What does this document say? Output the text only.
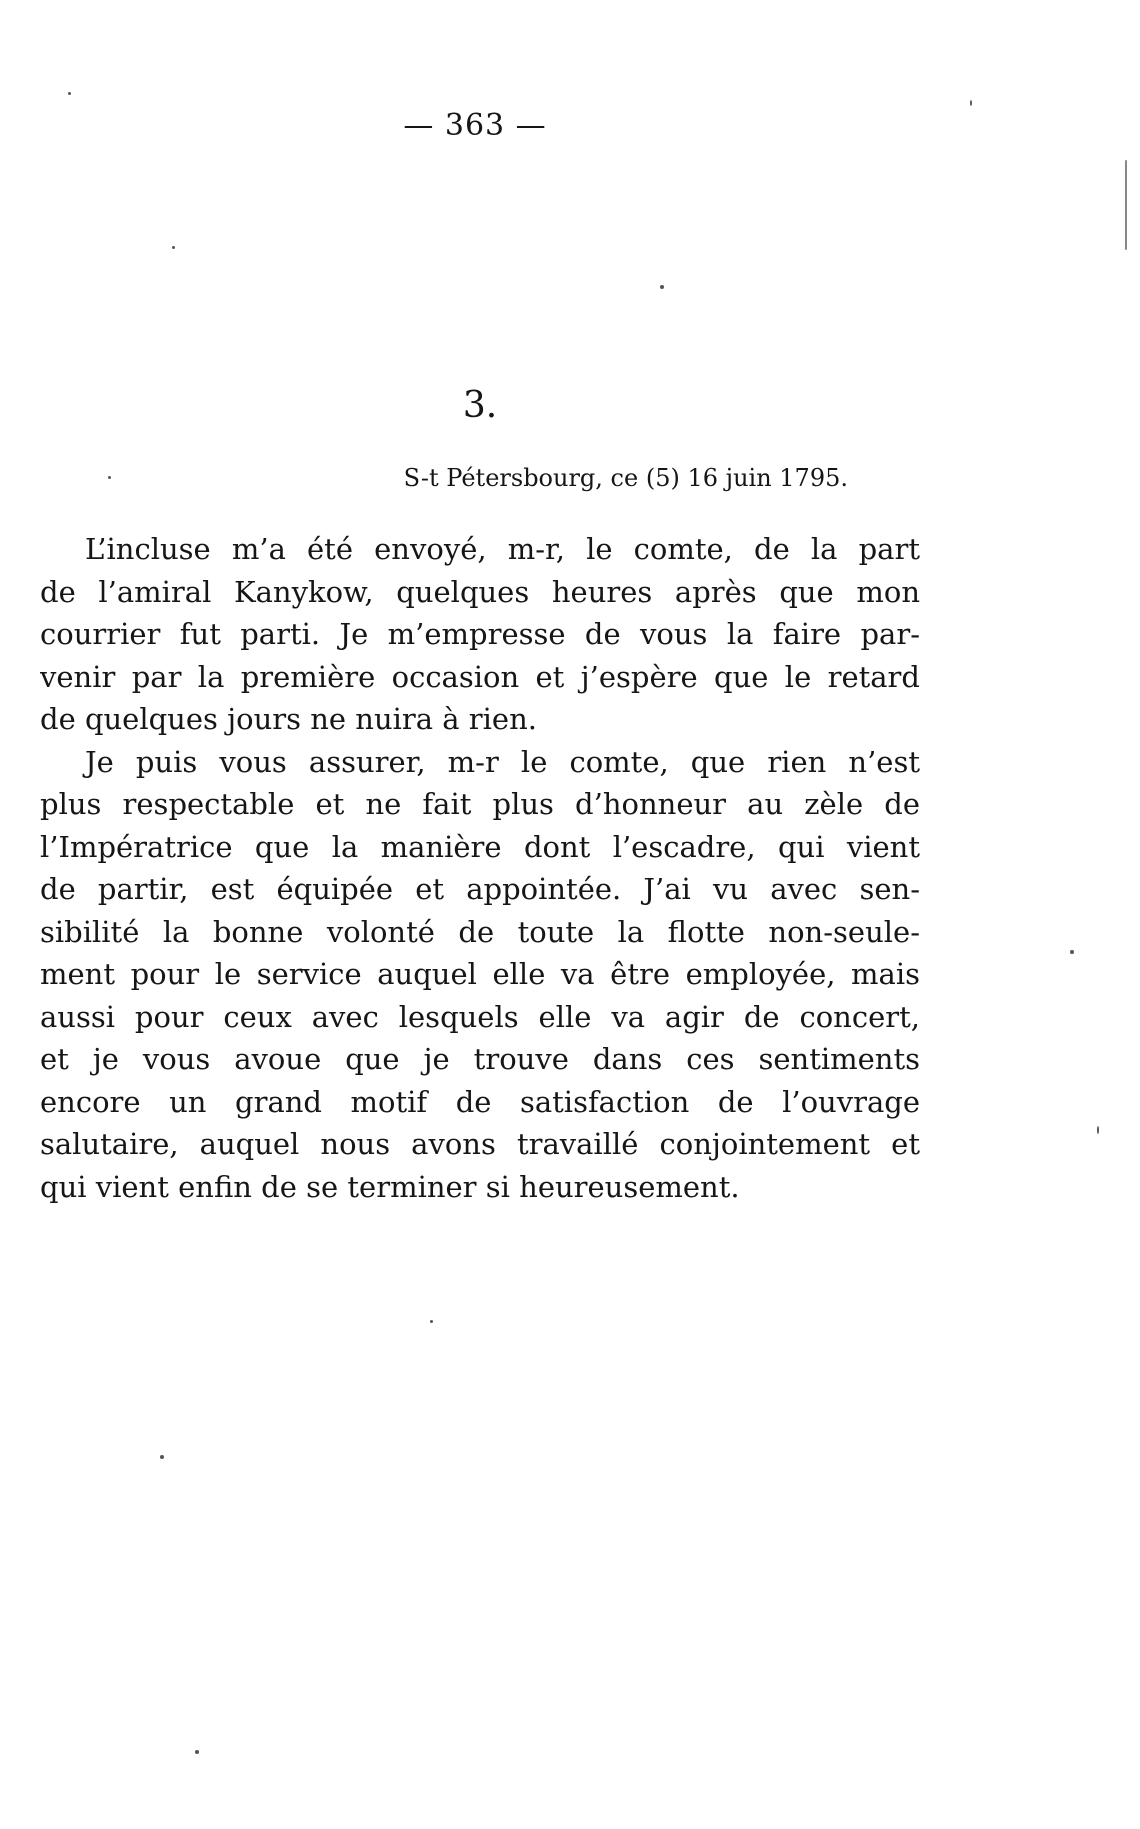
— 363 —
3.
S-t Pétersbourg, ce (5) 16 juin 1795.
L’incluse m’a été envoyé, m-r, le comte, de la part
de l’amiral Kanykow, quelques heures après que mon
courrier fut parti. Je m’empresse de vous la faire par-
venir par la première occasion et j’espère que le retard
de quelques jours ne nuira à rien.
Je puis vous assurer, m-r le comte, que rien n’est
plus respectable et ne fait plus d’honneur au zèle de
l’Impératrice que la manière dont l’escadre, qui vient
de partir, est équipée et appointée. J’ai vu avec sen-
sibilité la bonne volonté de toute la flotte non-seule-
ment pour le service auquel elle va être employée, mais
aussi pour ceux avec lesquels elle va agir de concert,
et je vous avoue que je trouve dans ces sentiments
encore un grand motif de satisfaction de l’ouvrage
salutaire, auquel nous avons travaillé conjointement et
qui vient enfin de se terminer si heureusement.
